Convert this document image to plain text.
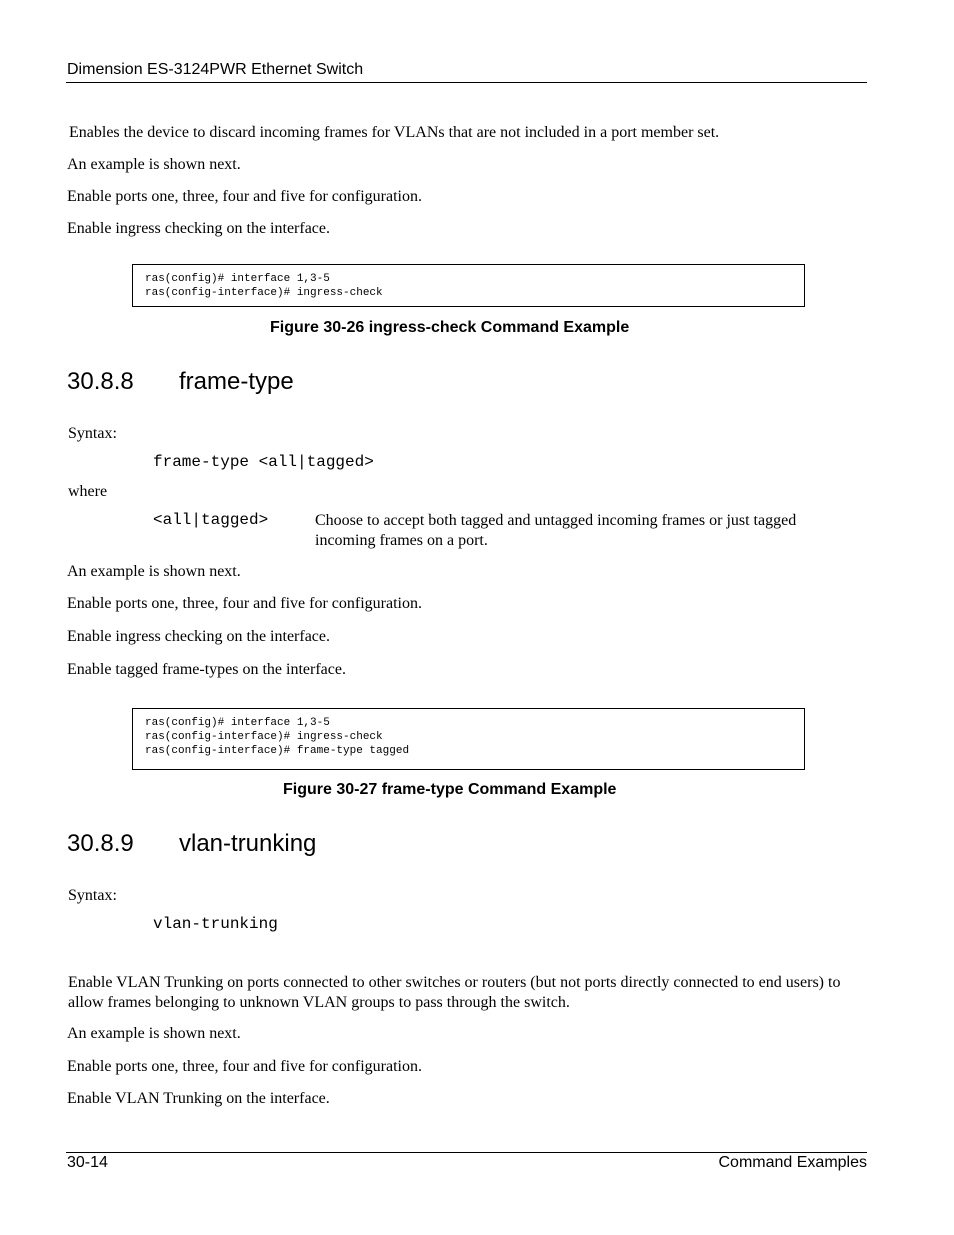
Dimension ES-3124PWR Ethernet Switch
Enables the device to discard incoming frames for VLANs that are not included in a port member set.
An example is shown next.
Enable ports one, three, four and five for configuration.
Enable ingress checking on the interface.
ras(config)# interface 1,3-5
ras(config-interface)# ingress-check
Figure 30-26 ingress-check Command Example
30.8.8 frame-type
Syntax:
frame-type <all|tagged>
where
<all|tagged>	Choose to accept both tagged and untagged incoming frames or just tagged incoming frames on a port.
An example is shown next.
Enable ports one, three, four and five for configuration.
Enable ingress checking on the interface.
Enable tagged frame-types on the interface.
ras(config)# interface 1,3-5
ras(config-interface)# ingress-check
ras(config-interface)# frame-type tagged
Figure 30-27 frame-type Command Example
30.8.9 vlan-trunking
Syntax:
vlan-trunking
Enable VLAN Trunking on ports connected to other switches or routers (but not ports directly connected to end users) to allow frames belonging to unknown VLAN groups to pass through the switch.
An example is shown next.
Enable ports one, three, four and five for configuration.
Enable VLAN Trunking on the interface.
30-14	Command Examples
